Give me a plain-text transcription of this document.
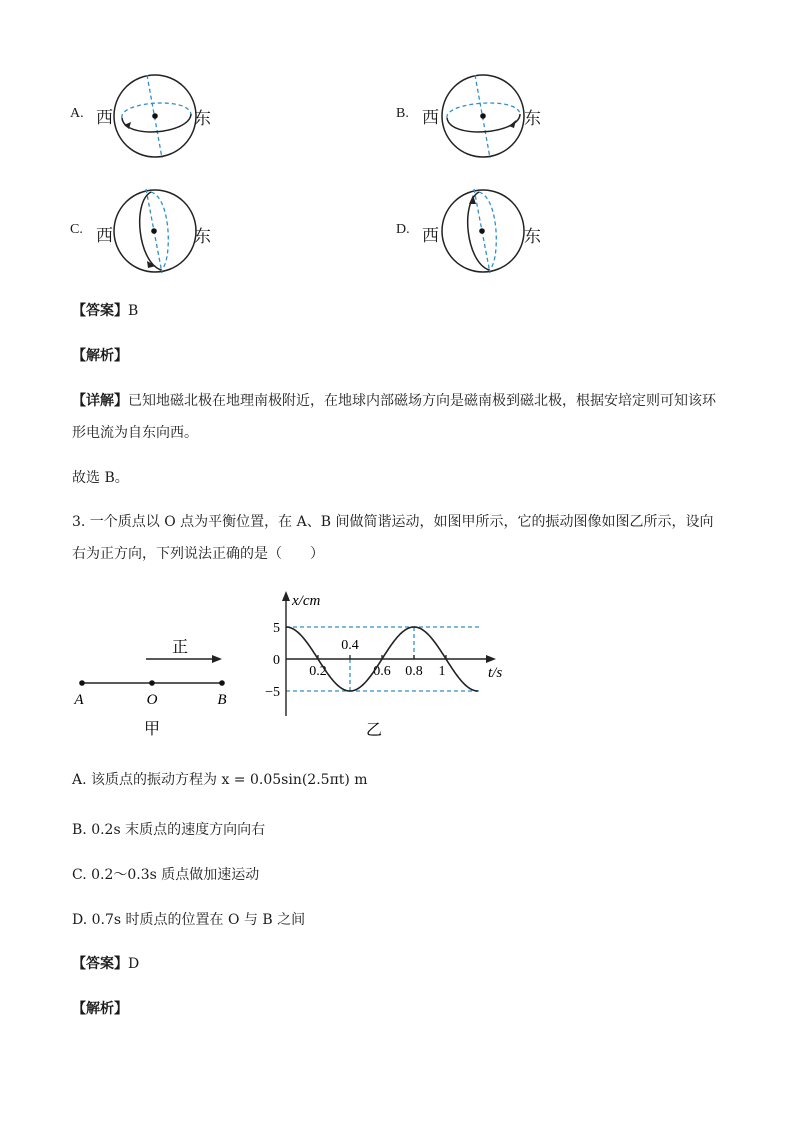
A. 西	东	B. 西	东
C. 西	东	D. 西	东
【答案】B
【解析】
【详解】已知地磁北极在地理南极附近，在地球内部磁场方向是磁南极到磁北极，根据安培定则可知该环形电流为自东向西。
故选 B。
3. 一个质点以 O 点为平衡位置，在 A、B 间做简谐运动，如图甲所示，它的振动图像如图乙所示，设向右为正方向，下列说法正确的是（　　）
正
A	O	B
甲
x/cm
t/s
0.2
0.4
0.6 0.8 1
5
0
−5
乙
A. 该质点的振动方程为 x = 0.05sin(2.5πt) m
B. 0.2s 末质点的速度方向向右
C. 0.2～0.3s 质点做加速运动
D. 0.7s 时质点的位置在 O 与 B 之间
【答案】D
【解析】
